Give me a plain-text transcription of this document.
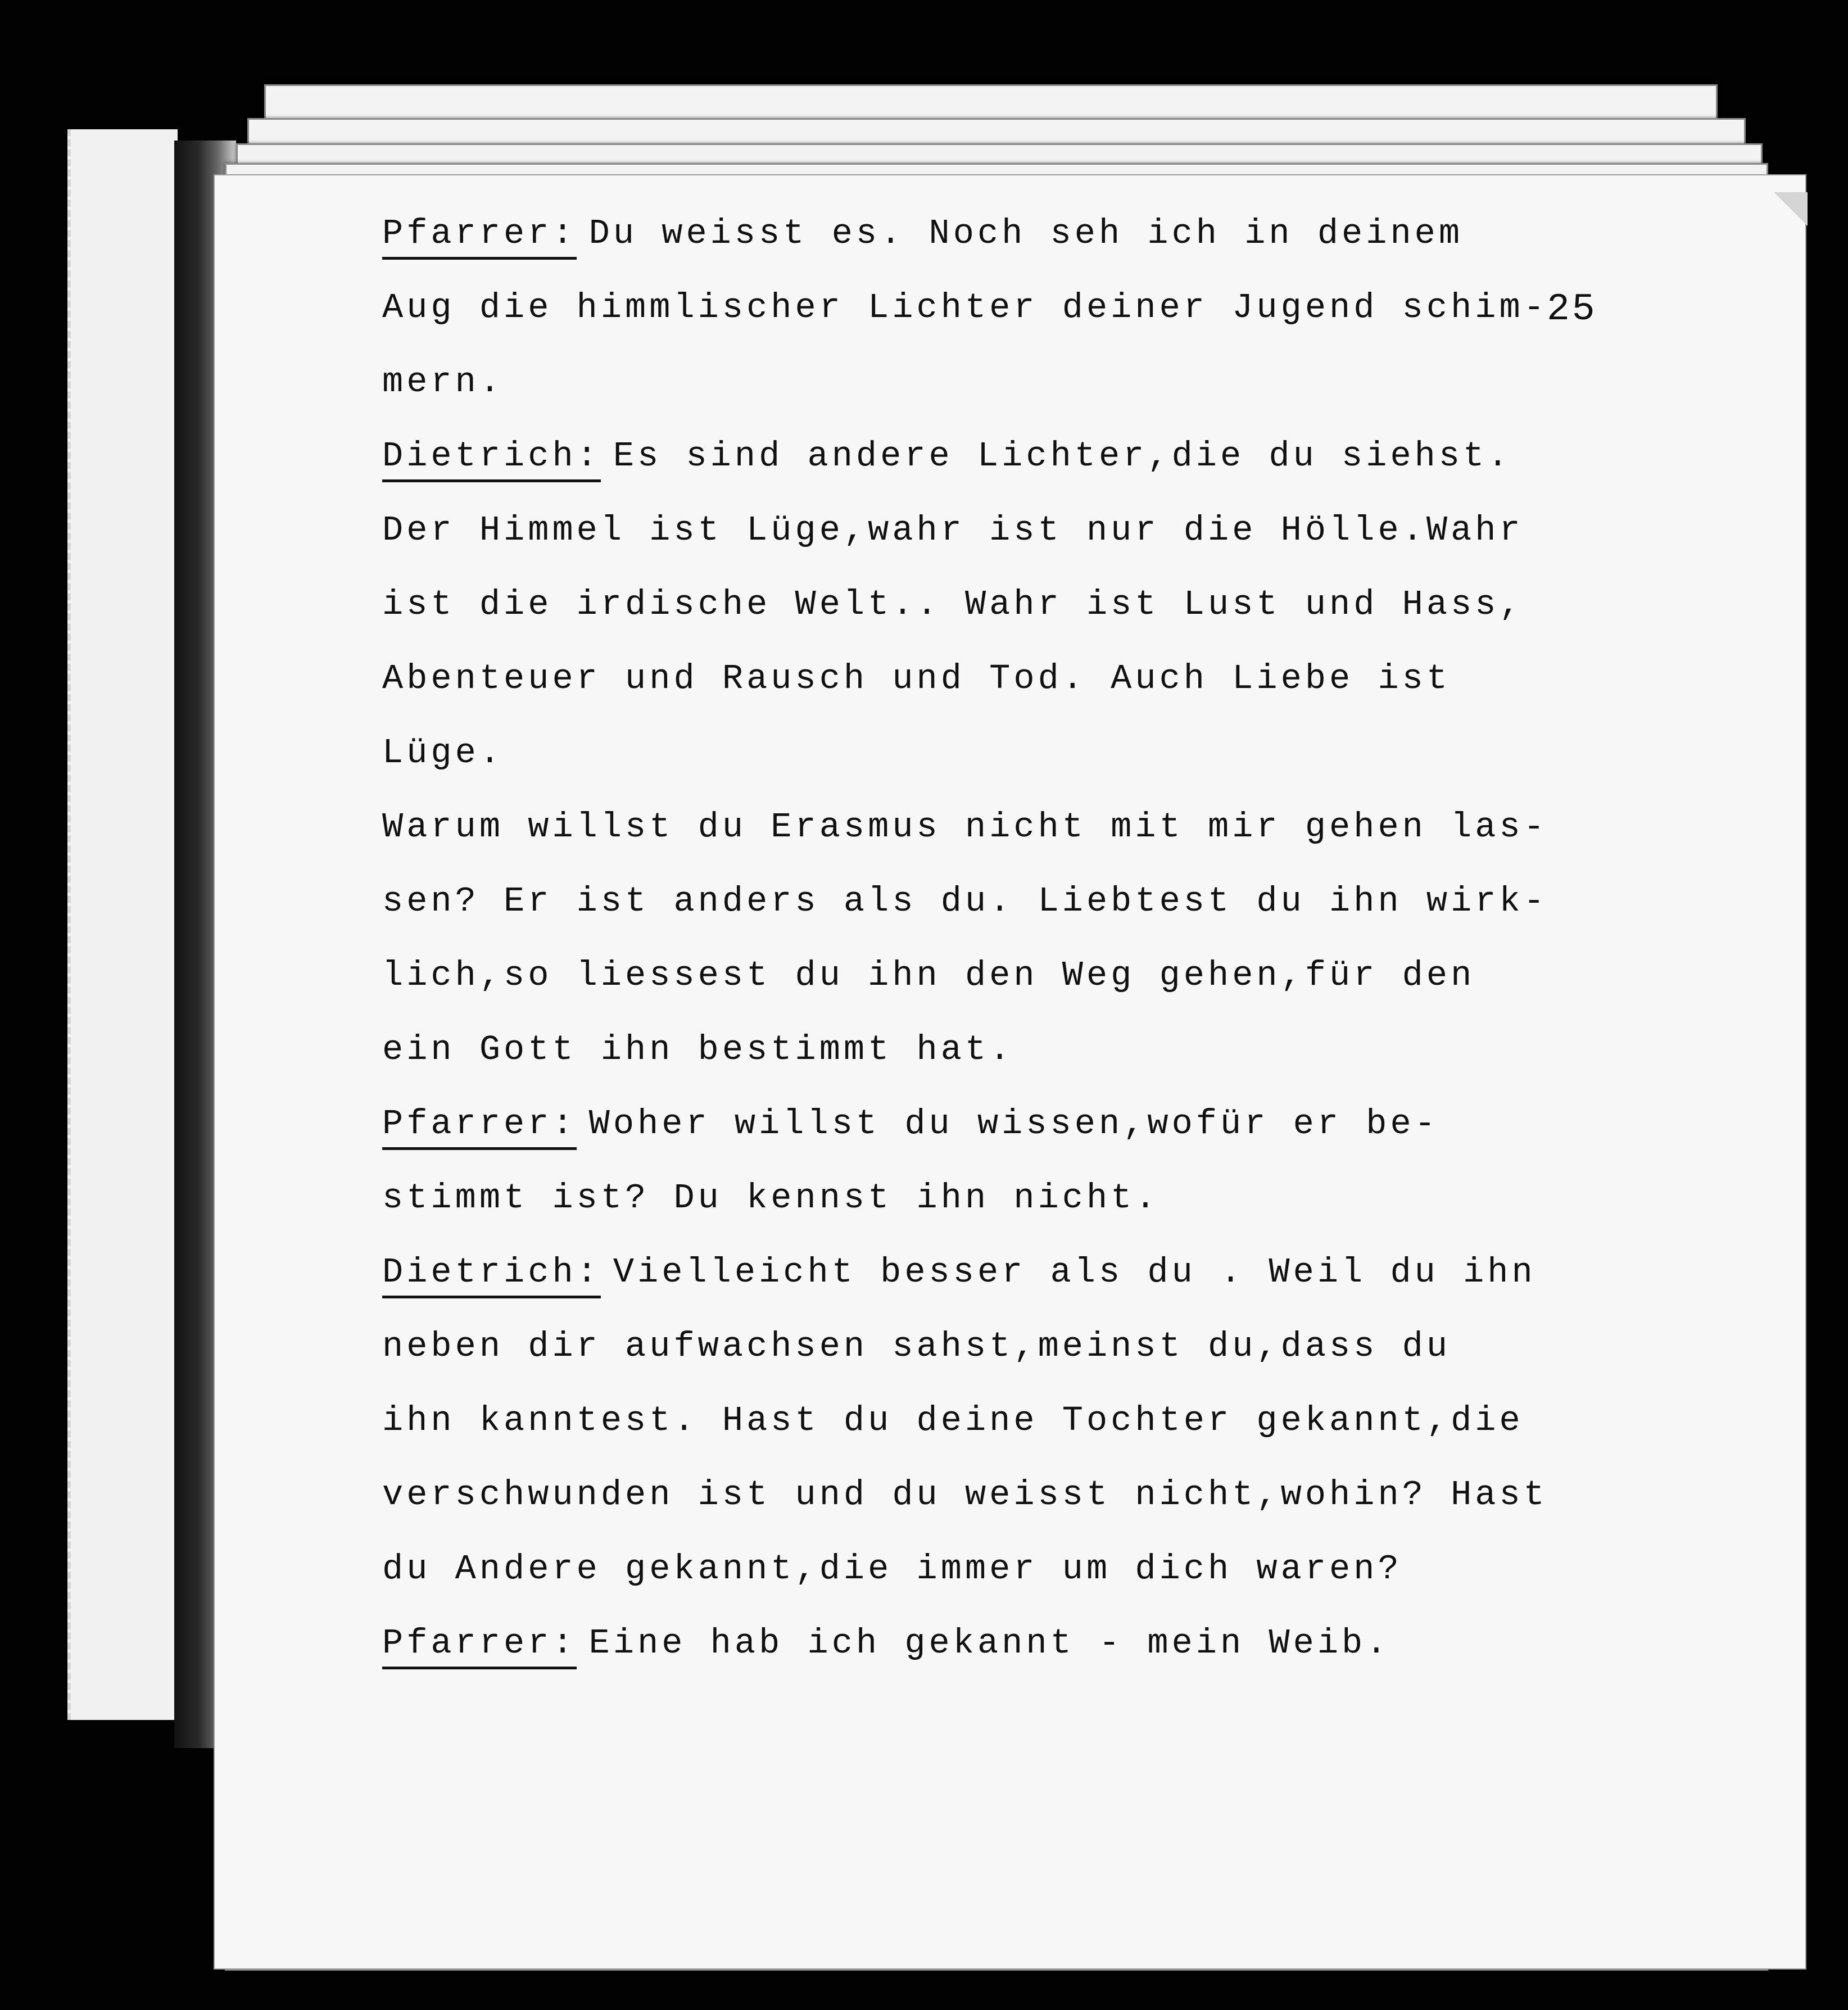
25
Pfarrer: Du weisst es. Noch seh ich in deinem
Aug die himmlischer Lichter deiner Jugend schim-
mern.
Dietrich: Es sind andere Lichter,die du siehst.
Der Himmel ist Lüge,wahr ist nur die Hölle.Wahr
ist die irdische Welt.. Wahr ist Lust und Hass,
Abenteuer und Rausch und Tod. Auch Liebe ist
Lüge.
Warum willst du Erasmus nicht mit mir gehen las-
sen? Er ist anders als du. Liebtest du ihn wirk-
lich,so liessest du ihn den Weg gehen,für den
ein Gott ihn bestimmt hat.
Pfarrer: Woher willst du wissen,wofür er be-
stimmt ist? Du kennst ihn nicht.
Dietrich: Vielleicht besser als du . Weil du ihn
neben dir aufwachsen sahst,meinst du,dass du
ihn kanntest. Hast du deine Tochter gekannt,die
verschwunden ist und du weisst nicht,wohin? Hast
du Andere gekannt,die immer um dich waren?
Pfarrer: Eine hab ich gekannt - mein Weib.
